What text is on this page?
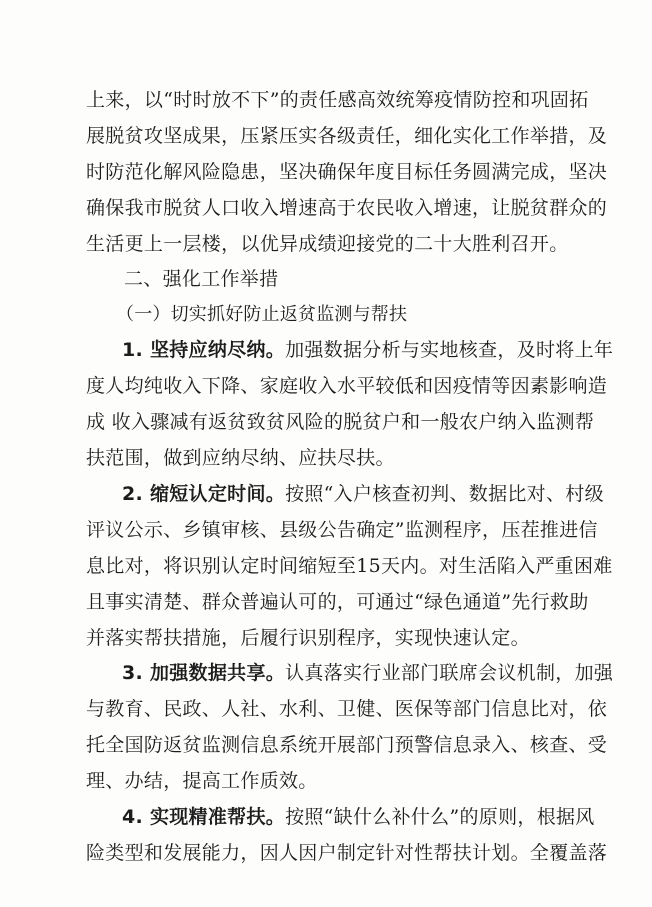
上来，以“时时放不下”的责任感高效统筹疫情防控和巩固拓
展脱贫攻坚成果，压紧压实各级责任，细化实化工作举措，及
时防范化解风险隐患，坚决确保年度目标任务圆满完成，坚决
确保我市脱贫人口收入增速高于农民收入增速，让脱贫群众的
生活更上一层楼，以优异成绩迎接党的二十大胜利召开。
二、强化工作举措
（一）切实抓好防止返贫监测与帮扶
1. 坚持应纳尽纳。加强数据分析与实地核查，及时将上年
度人均纯收入下降、家庭收入水平较低和因疫情等因素影响造
成 收入骤减有返贫致贫风险的脱贫户和一般农户纳入监测帮
扶范围，做到应纳尽纳、应扶尽扶。
2. 缩短认定时间。按照“入户核查初判、数据比对、村级
评议公示、乡镇审核、县级公告确定”监测程序，压茬推进信
息比对，将识别认定时间缩短至15天内。对生活陷入严重困难
且事实清楚、群众普遍认可的，可通过“绿色通道”先行救助
并落实帮扶措施，后履行识别程序，实现快速认定。
3. 加强数据共享。认真落实行业部门联席会议机制，加强
与教育、民政、人社、水利、卫健、医保等部门信息比对，依
托全国防返贫监测信息系统开展部门预警信息录入、核查、受
理、办结，提高工作质效。
4. 实现精准帮扶。按照“缺什么补什么”的原则，根据风
险类型和发展能力，因人因户制定针对性帮扶计划。全覆盖落
